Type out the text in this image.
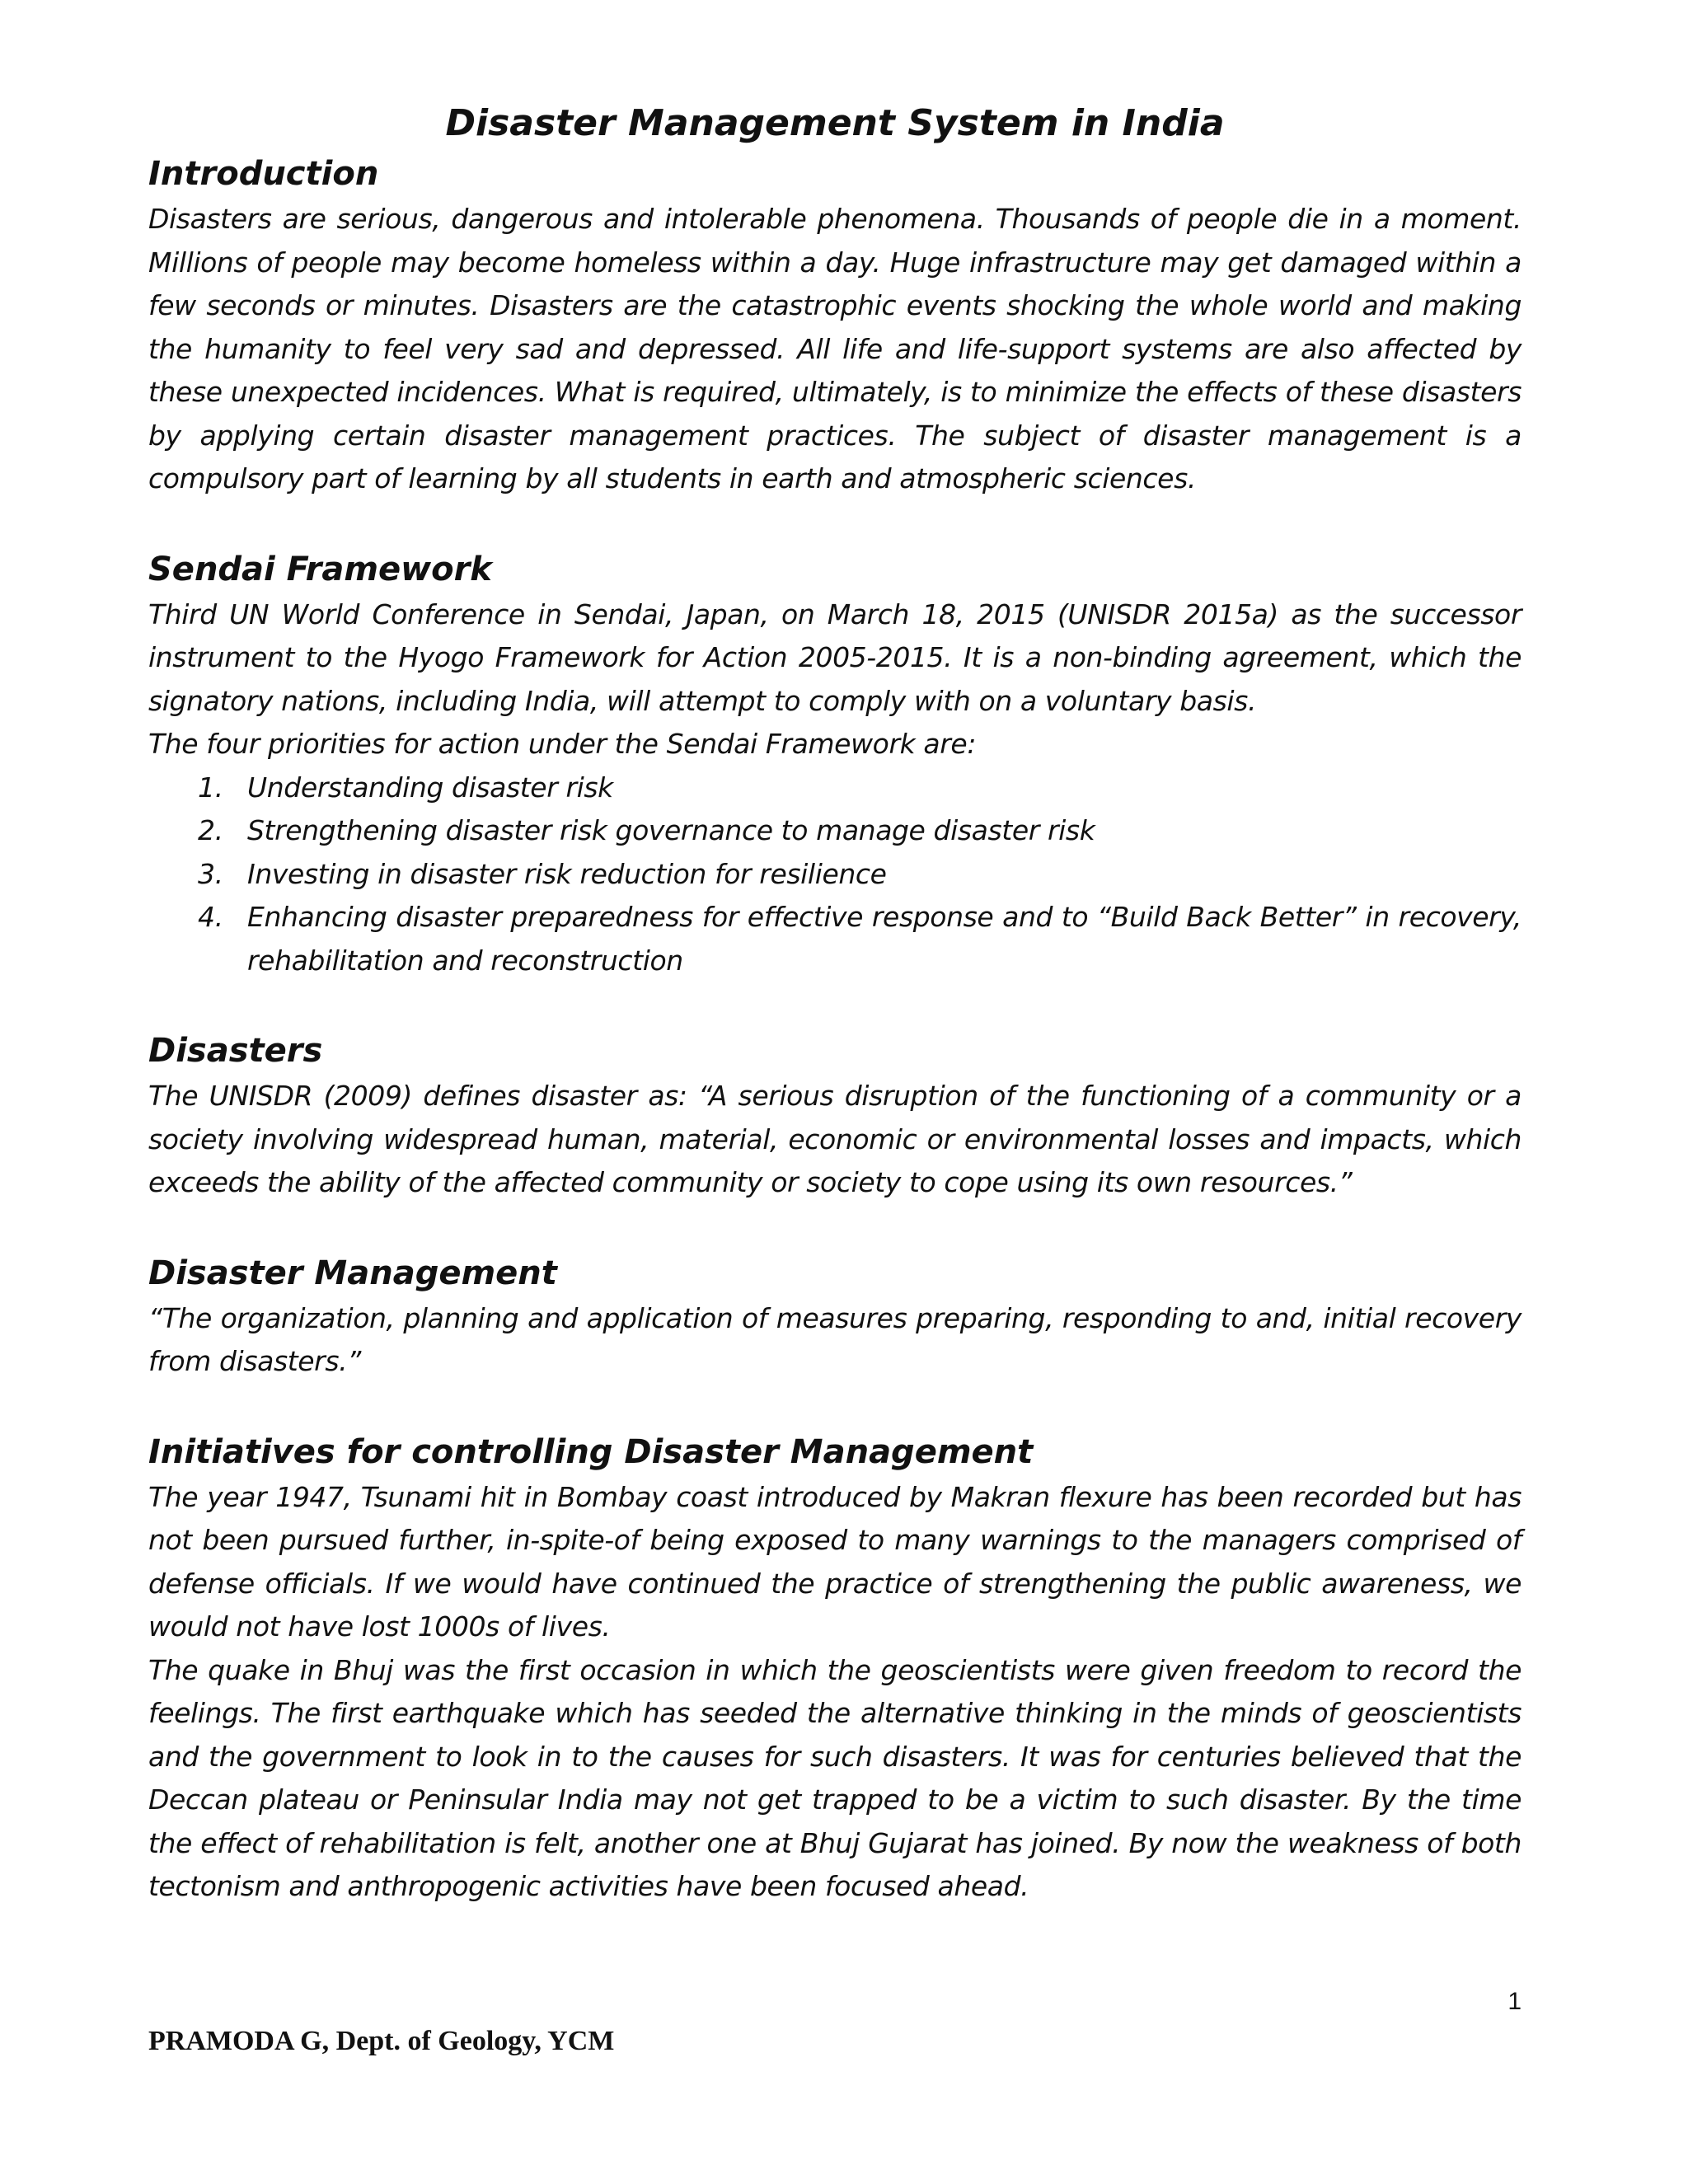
Disaster Management System in India
Introduction

Disasters are serious, dangerous and intolerable phenomena. Thousands of people die in a moment. Millions of people may become homeless within a day. Huge infrastructure may get damaged within a few seconds or minutes. Disasters are the catastrophic events shocking the whole world and making the humanity to feel very sad and depressed. All life and life-support systems are also affected by these unexpected incidences. What is required, ultimately, is to minimize the effects of these disasters by applying certain disaster management practices. The subject of disaster management is a compulsory part of learning by all students in earth and atmospheric sciences.

Sendai Framework

Third UN World Conference in Sendai, Japan, on March 18, 2015 (UNISDR 2015a) as the successor instrument to the Hyogo Framework for Action 2005-2015. It is a non-binding agreement, which the signatory nations, including India, will attempt to comply with on a voluntary basis.

The four priorities for action under the Sendai Framework are:

1. Understanding disaster risk
2. Strengthening disaster risk governance to manage disaster risk
3. Investing in disaster risk reduction for resilience
4. Enhancing disaster preparedness for effective response and to “Build Back Better” in recovery, rehabilitation and reconstruction
Disasters

The UNISDR (2009) defines disaster as: “A serious disruption of the functioning of a community or a society involving widespread human, material, economic or environmental losses and impacts, which exceeds the ability of the affected community or society to cope using its own resources.”

Disaster Management

“The organization, planning and application of measures preparing, responding to and, initial recovery from disasters.”

Initiatives for controlling Disaster Management

The year 1947, Tsunami hit in Bombay coast introduced by Makran flexure has been recorded but has not been pursued further, in-spite-of being exposed to many warnings to the managers comprised of defense officials. If we would have continued the practice of strengthening the public awareness, we would not have lost 1000s of lives.

The quake in Bhuj was the first occasion in which the geoscientists were given freedom to record the feelings. The first earthquake which has seeded the alternative thinking in the minds of geoscientists and the government to look in to the causes for such disasters. It was for centuries believed that the Deccan plateau or Peninsular India may not get trapped to be a victim to such disaster. By the time the effect of rehabilitation is felt, another one at Bhuj Gujarat has joined. By now the weakness of both tectonism and anthropogenic activities have been focused ahead.

1
PRAMODA G, Dept. of Geology, YCM
